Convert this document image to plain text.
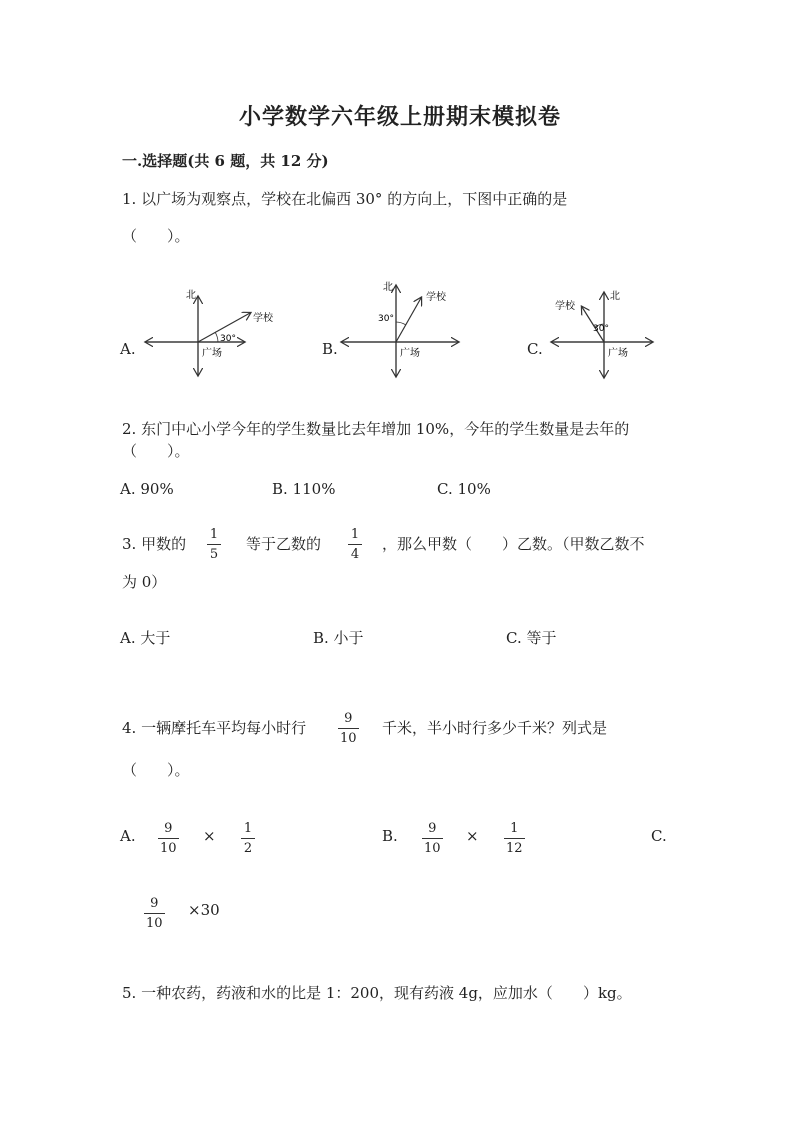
小学数学六年级上册期末模拟卷
一.选择题(共 6 题，共 12 分)
1. 以广场为观察点，学校在北偏西 30° 的方向上，下图中正确的是
（　　）。
A.	B.	C.
北
学校
广场
30°
北
学校
广场
30°
北
学校
广场
30°
2. 东门中心小学今年的学生数量比去年增加 10%，今年的学生数量是去年的
（　　）。
A. 90%	B. 110%	C. 10%
3. 甲数的
1
5
等于乙数的
1
4
，那么甲数（　　）乙数。（甲数乙数不
为 0）
A. 大于	B. 小于	C. 等于
4. 一辆摩托车平均每小时行
9
10
千米，半小时行多少千米？列式是
（　　）。
A. 9
10
× 1
2
B. 9
10
× 1
12
C.
9
10
×30
5. 一种农药，药液和水的比是 1：200，现有药液 4g，应加水（　　）kg。
